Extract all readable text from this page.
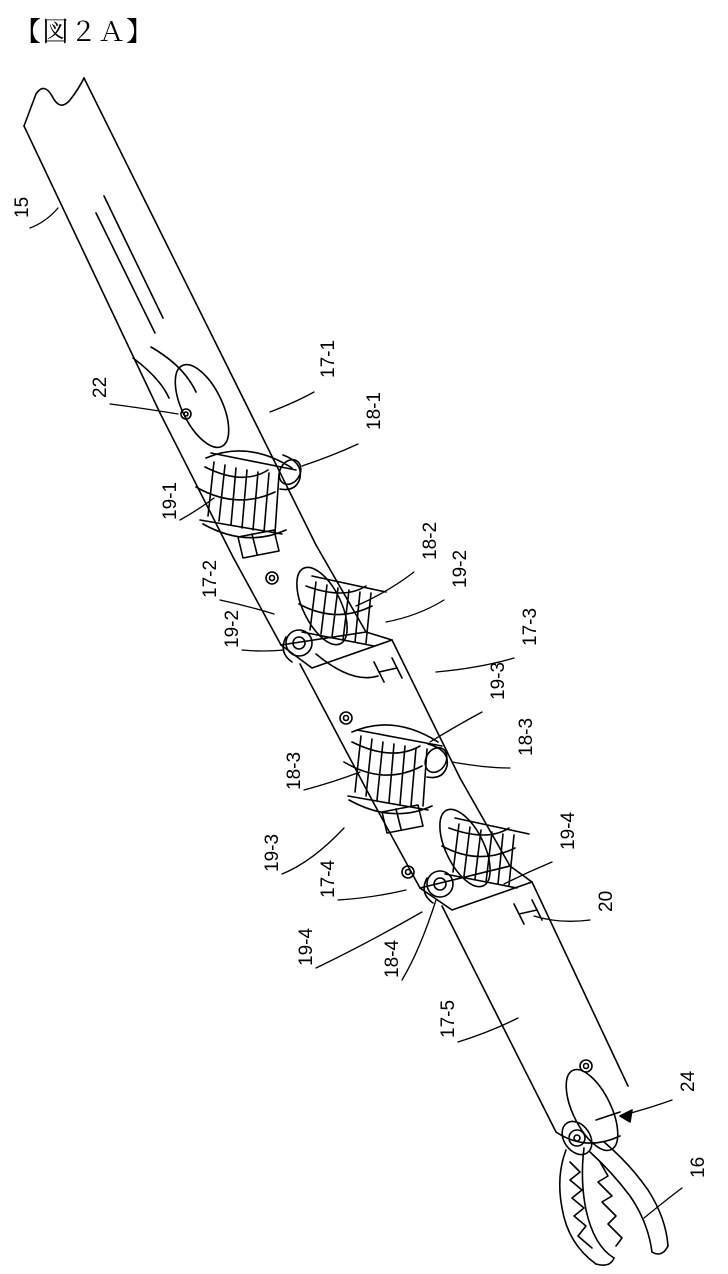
【図２Ａ】
15
22
17-1
18-1
19-1
17-2
19-2
18-2
19-2
17-3
19-3
18-3
18-3
19-3
17-4
19-4	18-4
19-4
20
17-5
24
16
